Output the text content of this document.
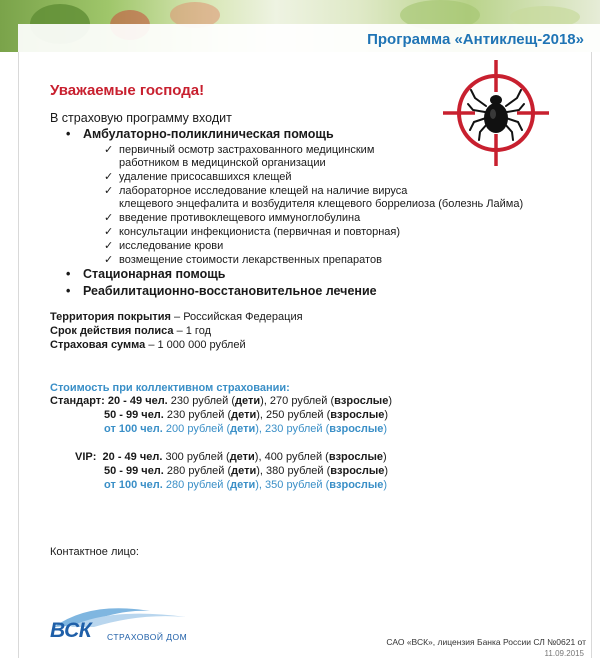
Программа «Антиклещ-2018»
Уважаемые господа!
В страховую программу входит
• Амбулаторно-поликлиническая помощь
✓ первичный осмотр застрахованного медицинским
работником в медицинской организации
✓ удаление присосавшихся клещей
✓ лабораторное исследование клещей на наличие вируса
клещевого энцефалита и возбудителя клещевого боррелиоза (болезнь Лайма)
✓ введение противоклещевого иммуноглобулина
✓ консультации инфекциониста (первичная и повторная)
✓ исследование крови
✓ возмещение стоимости лекарственных препаратов
• Стационарная помощь
• Реабилитационно-восстановительное лечение
Территория покрытия – Российская Федерация
Срок действия полиса – 1 год
Страховая сумма – 1 000 000 рублей
Стоимость при коллективном страховании:
Стандарт: 20 - 49 чел. 230 рублей (дети), 270 рублей (взрослые)
50 - 99 чел. 230 рублей (дети), 250 рублей (взрослые)
от 100 чел. 200 рублей (дети), 230 рублей (взрослые)
VIP: 20 - 49 чел. 300 рублей (дети), 400 рублей (взрослые)
50 - 99 чел. 280 рублей (дети), 380 рублей (взрослые)
от 100 чел. 280 рублей (дети), 350 рублей (взрослые)
Контактное лицо:
ВСК СТРАХОВОЙ ДОМ	САО «ВСК», лицензия Банка России СЛ №0621 от
11.09.2015
